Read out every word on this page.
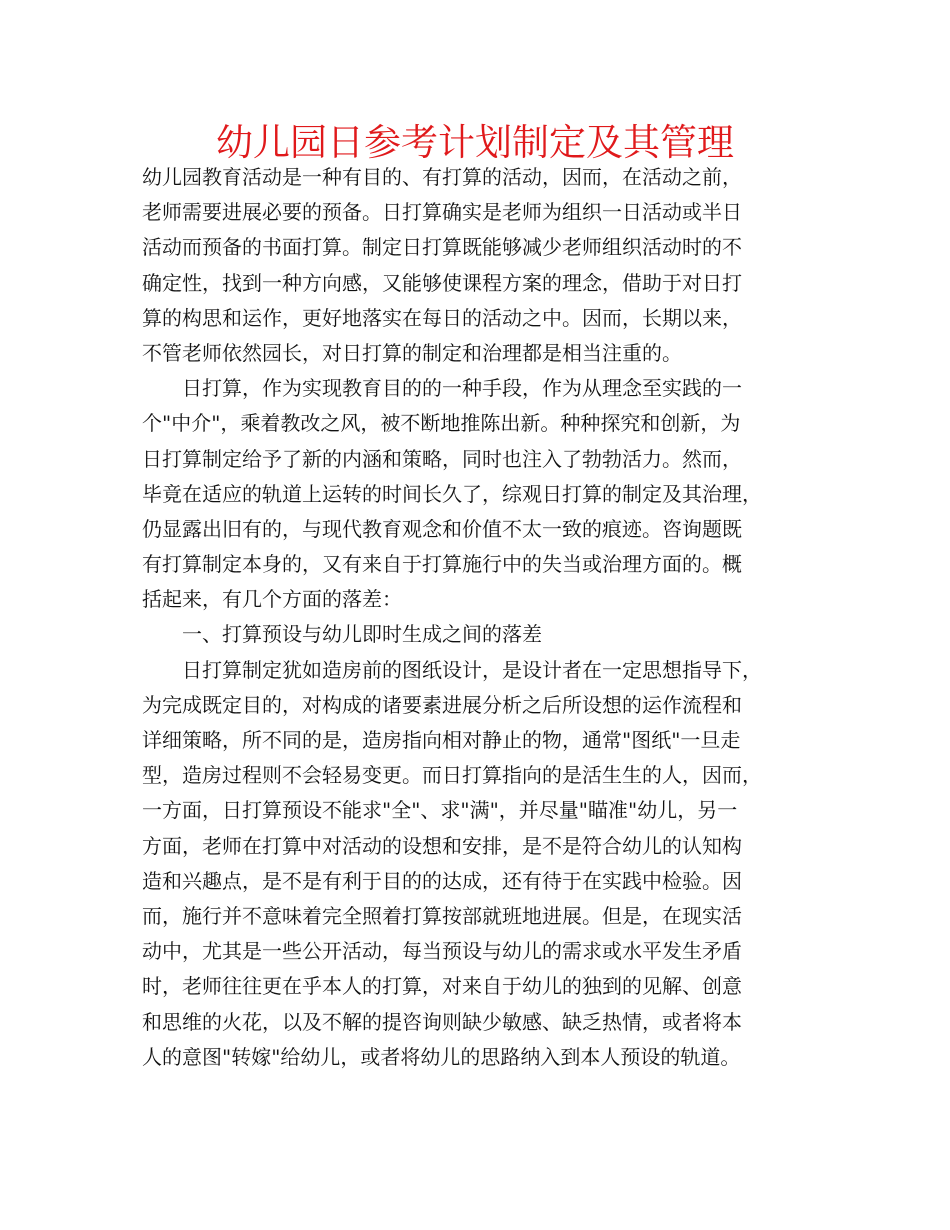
幼儿园日参考计划制定及其管理
幼儿园教育活动是一种有目的、有打算的活动，因而，在活动之前，
老师需要进展必要的预备。日打算确实是老师为组织一日活动或半日
活动而预备的书面打算。制定日打算既能够减少老师组织活动时的不
确定性，找到一种方向感，又能够使课程方案的理念，借助于对日打
算的构思和运作，更好地落实在每日的活动之中。因而，长期以来，
不管老师依然园长，对日打算的制定和治理都是相当注重的。
日打算，作为实现教育目的的一种手段，作为从理念至实践的一
个"中介"，乘着教改之风，被不断地推陈出新。种种探究和创新，为
日打算制定给予了新的内涵和策略，同时也注入了勃勃活力。然而，
毕竟在适应的轨道上运转的时间长久了，综观日打算的制定及其治理，
仍显露出旧有的，与现代教育观念和价值不太一致的痕迹。咨询题既
有打算制定本身的，又有来自于打算施行中的失当或治理方面的。概
括起来，有几个方面的落差：
一、打算预设与幼儿即时生成之间的落差
日打算制定犹如造房前的图纸设计，是设计者在一定思想指导下，
为完成既定目的，对构成的诸要素进展分析之后所设想的运作流程和
详细策略，所不同的是，造房指向相对静止的物，通常"图纸"一旦走
型，造房过程则不会轻易变更。而日打算指向的是活生生的人，因而，
一方面，日打算预设不能求"全"、求"满"，并尽量"瞄准"幼儿，另一
方面，老师在打算中对活动的设想和安排，是不是符合幼儿的认知构
造和兴趣点，是不是有利于目的的达成，还有待于在实践中检验。因
而，施行并不意味着完全照着打算按部就班地进展。但是，在现实活
动中，尤其是一些公开活动，每当预设与幼儿的需求或水平发生矛盾
时，老师往往更在乎本人的打算，对来自于幼儿的独到的见解、创意
和思维的火花，以及不解的提咨询则缺少敏感、缺乏热情，或者将本
人的意图"转嫁"给幼儿，或者将幼儿的思路纳入到本人预设的轨道。
